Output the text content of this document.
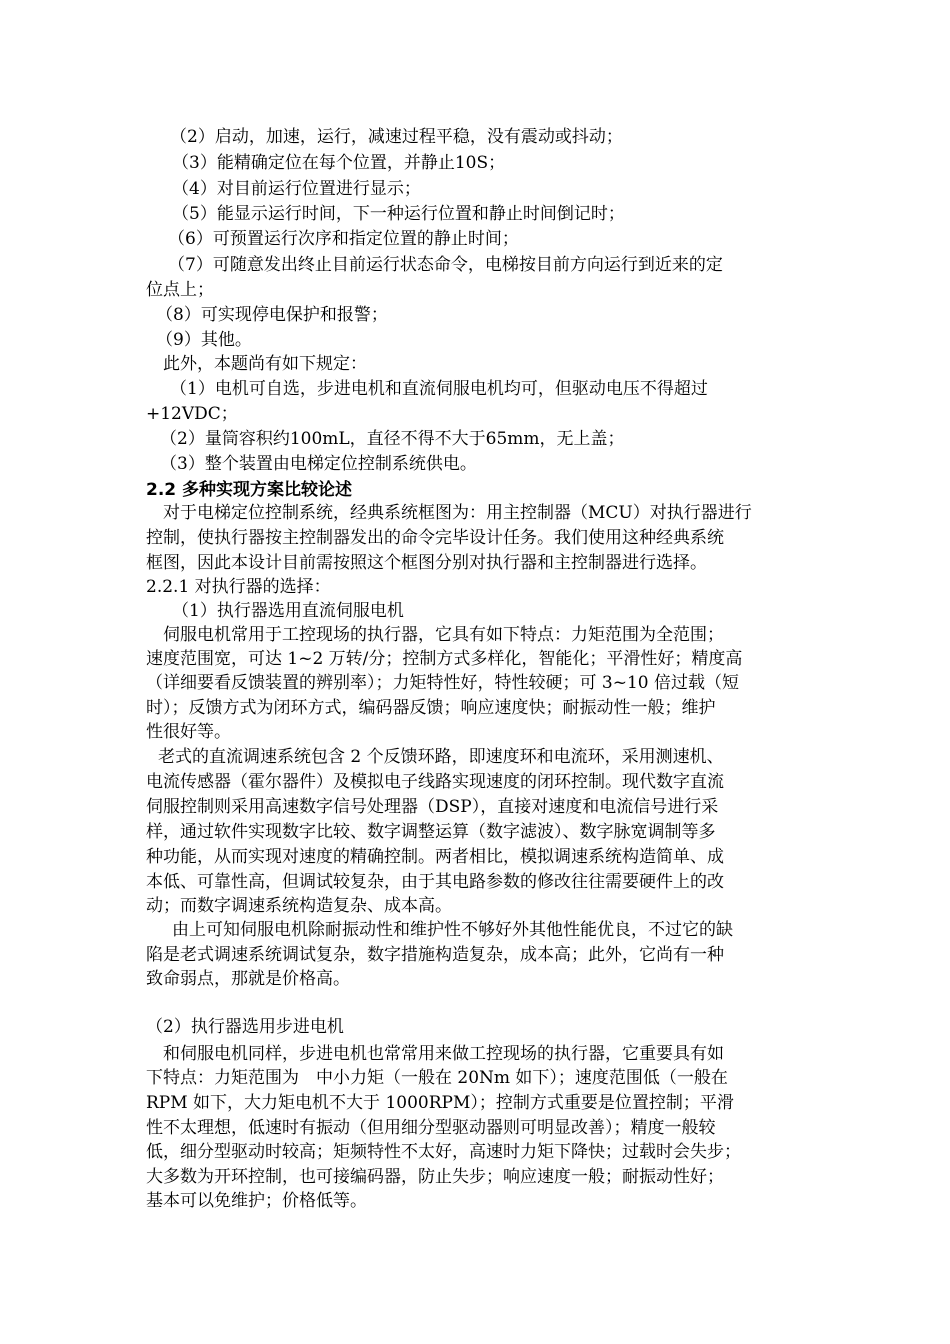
（2）启动，加速，运行，减速过程平稳，没有震动或抖动；
（3）能精确定位在每个位置，并静止10S；
（4）对目前运行位置进行显示；
（5）能显示运行时间，下一种运行位置和静止时间倒记时；
（6）可预置运行次序和指定位置的静止时间；
（7）可随意发出终止目前运行状态命令，电梯按目前方向运行到近来的定
位点上；
（8）可实现停电保护和报警；
（9）其他。
此外，本题尚有如下规定：
（1）电机可自选，步进电机和直流伺服电机均可，但驱动电压不得超过
+12VDC；
（2）量筒容积约100mL，直径不得不大于65mm，无上盖；
（3）整个装置由电梯定位控制系统供电。
2.2 多种实现方案比较论述
对于电梯定位控制系统，经典系统框图为：用主控制器（MCU）对执行器进行
控制，使执行器按主控制器发出的命令完毕设计任务。我们使用这种经典系统
框图，因此本设计目前需按照这个框图分别对执行器和主控制器进行选择。
2.2.1 对执行器的选择：
（1）执行器选用直流伺服电机
伺服电机常用于工控现场的执行器，它具有如下特点：力矩范围为全范围；
速度范围宽，可达 1~2 万转/分；控制方式多样化，智能化；平滑性好；精度高
（详细要看反馈装置的辨别率）；力矩特性好，特性较硬；可 3~10 倍过载（短
时）；反馈方式为闭环方式，编码器反馈；响应速度快；耐振动性一般；维护
性很好等。
老式的直流调速系统包含 2 个反馈环路，即速度环和电流环，采用测速机、
电流传感器（霍尔器件）及模拟电子线路实现速度的闭环控制。现代数字直流
伺服控制则采用高速数字信号处理器（DSP），直接对速度和电流信号进行采
样，通过软件实现数字比较、数字调整运算（数字滤波）、数字脉宽调制等多
种功能，从而实现对速度的精确控制。两者相比，模拟调速系统构造简单、成
本低、可靠性高，但调试较复杂，由于其电路参数的修改往往需要硬件上的改
动；而数字调速系统构造复杂、成本高。
由上可知伺服电机除耐振动性和维护性不够好外其他性能优良，不过它的缺
陷是老式调速系统调试复杂，数字措施构造复杂，成本高；此外，它尚有一种
致命弱点，那就是价格高。
（2）执行器选用步进电机
和伺服电机同样，步进电机也常常用来做工控现场的执行器，它重要具有如
下特点：力矩范围为　中小力矩（一般在 20Nm 如下）；速度范围低（一般在
RPM 如下，大力矩电机不大于 1000RPM）；控制方式重要是位置控制；平滑
性不太理想，低速时有振动（但用细分型驱动器则可明显改善）；精度一般较
低，细分型驱动时较高；矩频特性不太好，高速时力矩下降快；过载时会失步；
大多数为开环控制，也可接编码器，防止失步；响应速度一般；耐振动性好；
基本可以免维护；价格低等。
